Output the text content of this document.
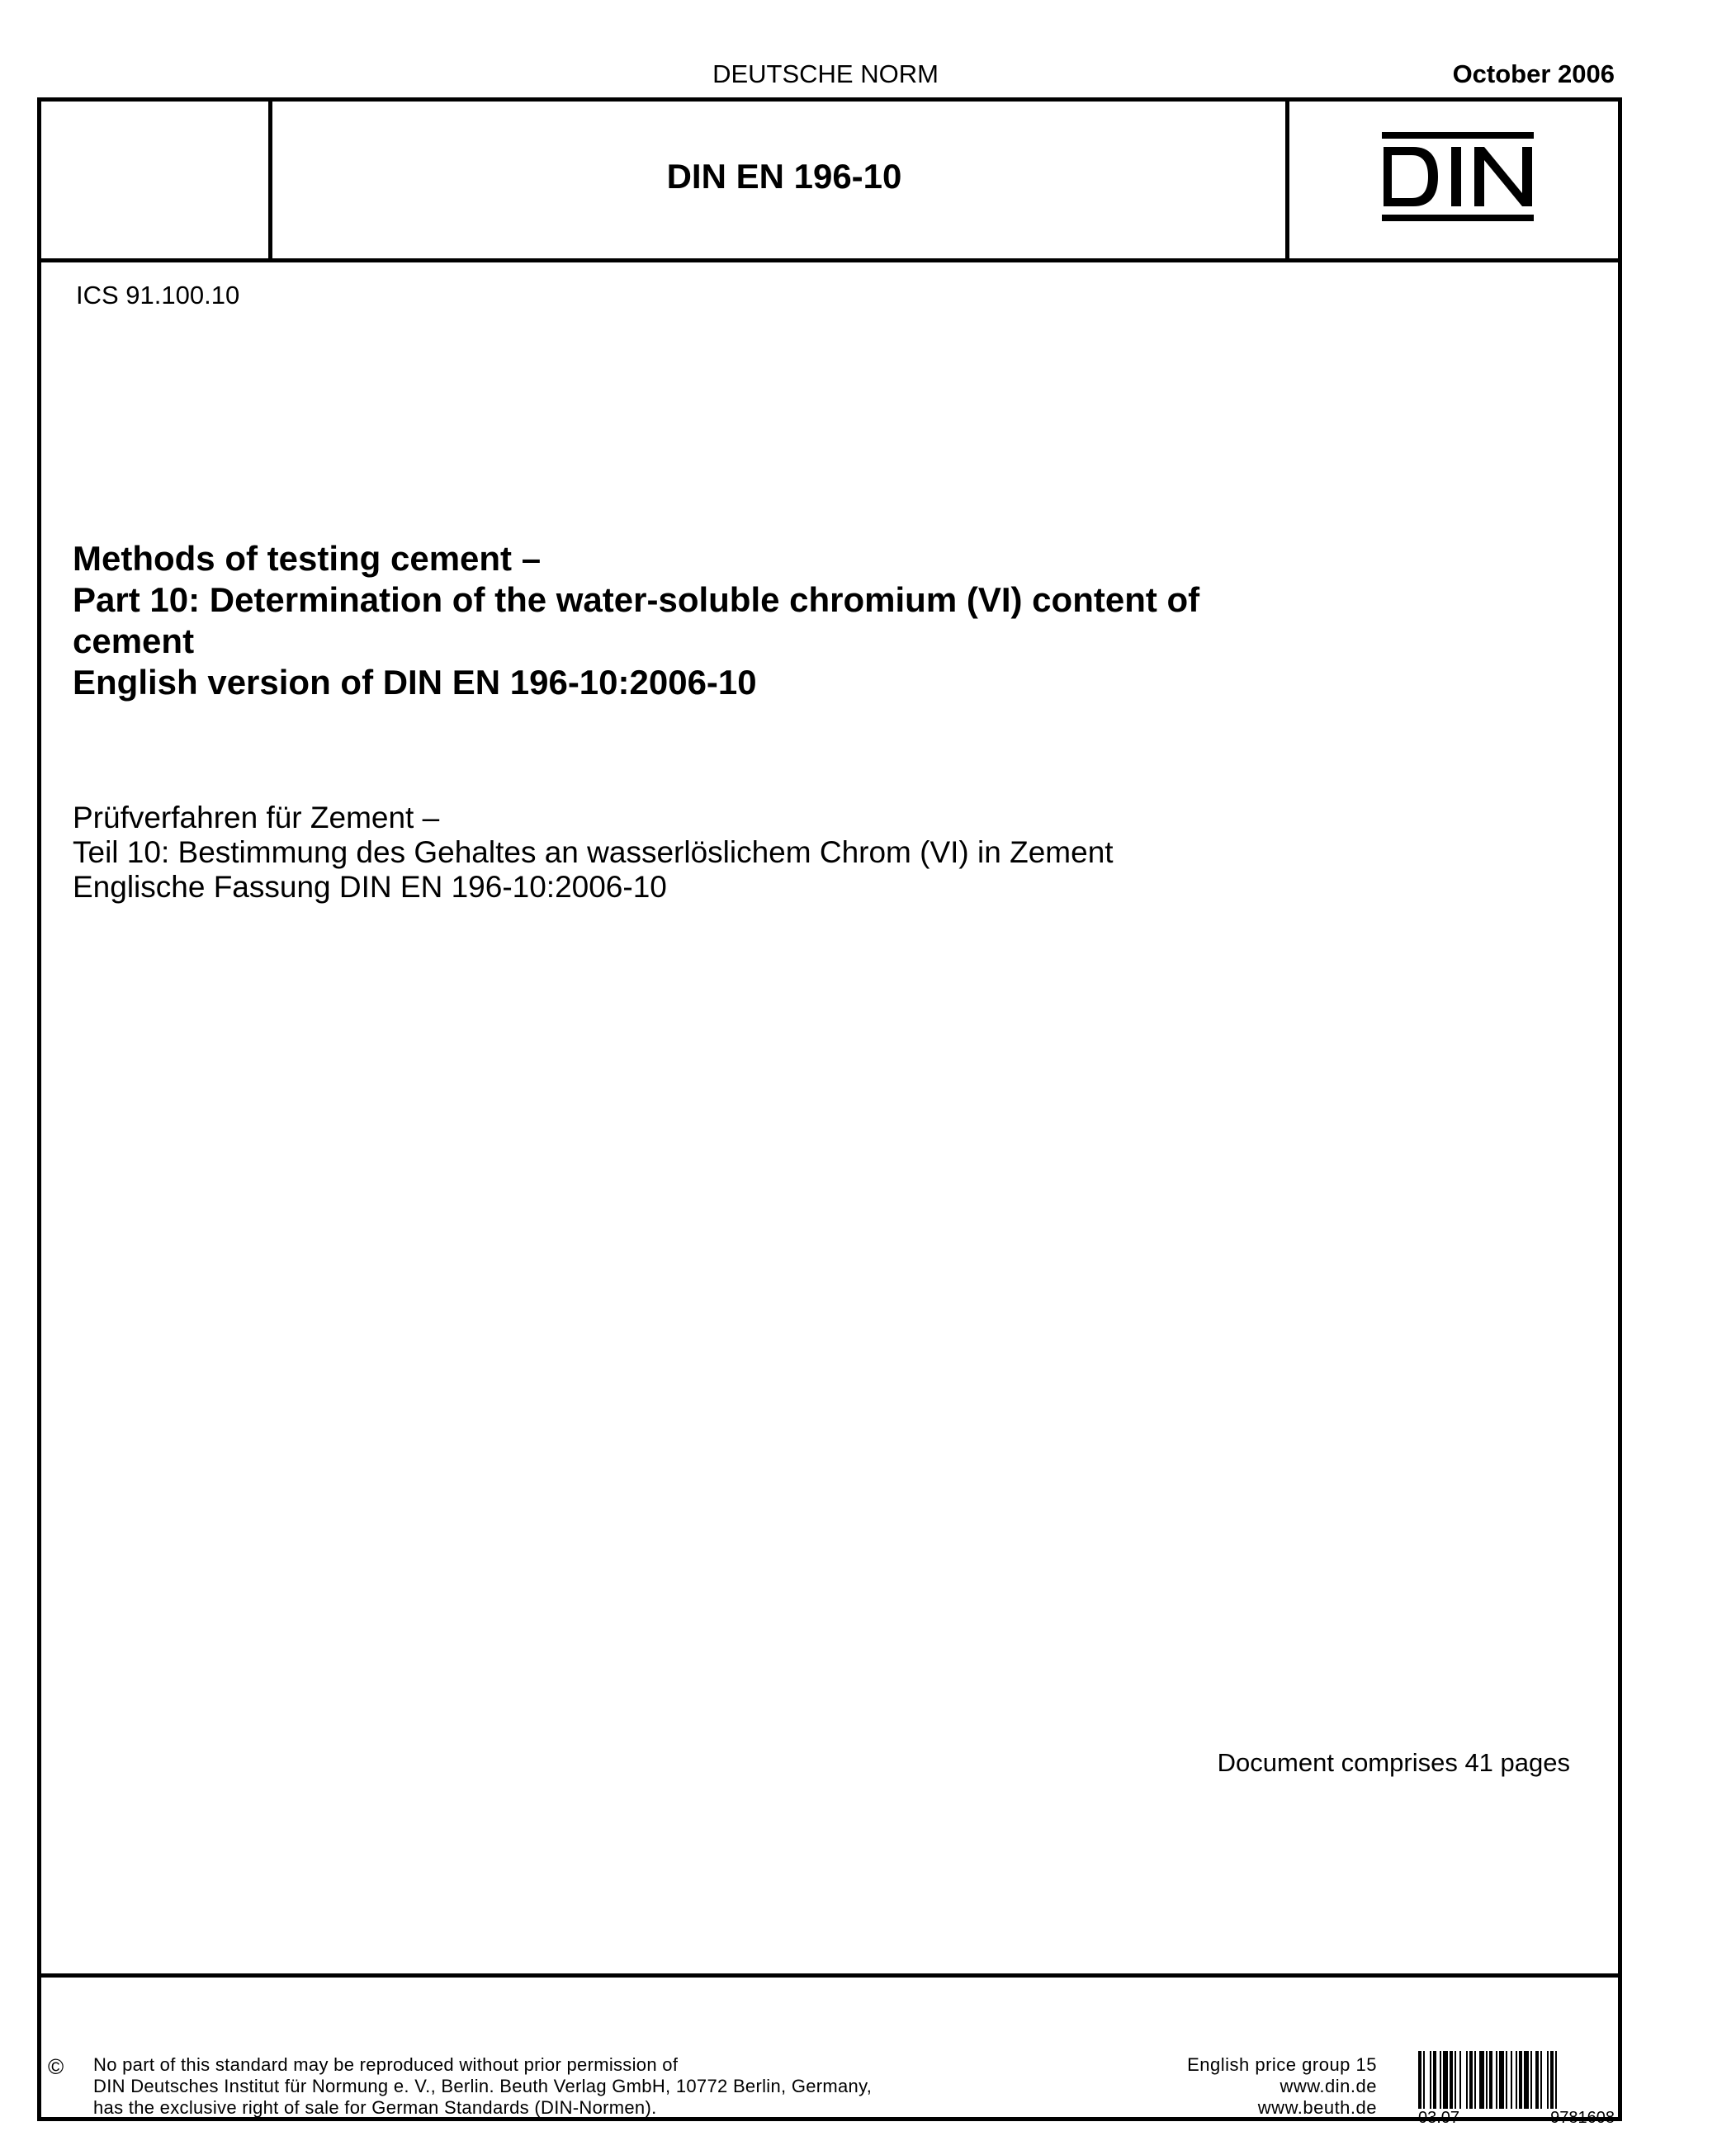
DEUTSCHE NORM	October 2006
DIN EN 196-10
ICS 91.100.10
Methods of testing cement –
Part 10: Determination of the water-soluble chromium (VI) content of
cement
English version of DIN EN 196-10:2006-10
Prüfverfahren für Zement –
Teil 10: Bestimmung des Gehaltes an wasserlöslichem Chrom (VI) in Zement
Englische Fassung DIN EN 196-10:2006-10
Document comprises 41 pages
© No part of this standard may be reproduced without prior permission of
DIN Deutsches Institut für Normung e. V., Berlin. Beuth Verlag GmbH, 10772 Berlin, Germany,
has the exclusive right of sale for German Standards (DIN-Normen).
English price group 15
www.din.de
www.beuth.de	03.07	9781608
